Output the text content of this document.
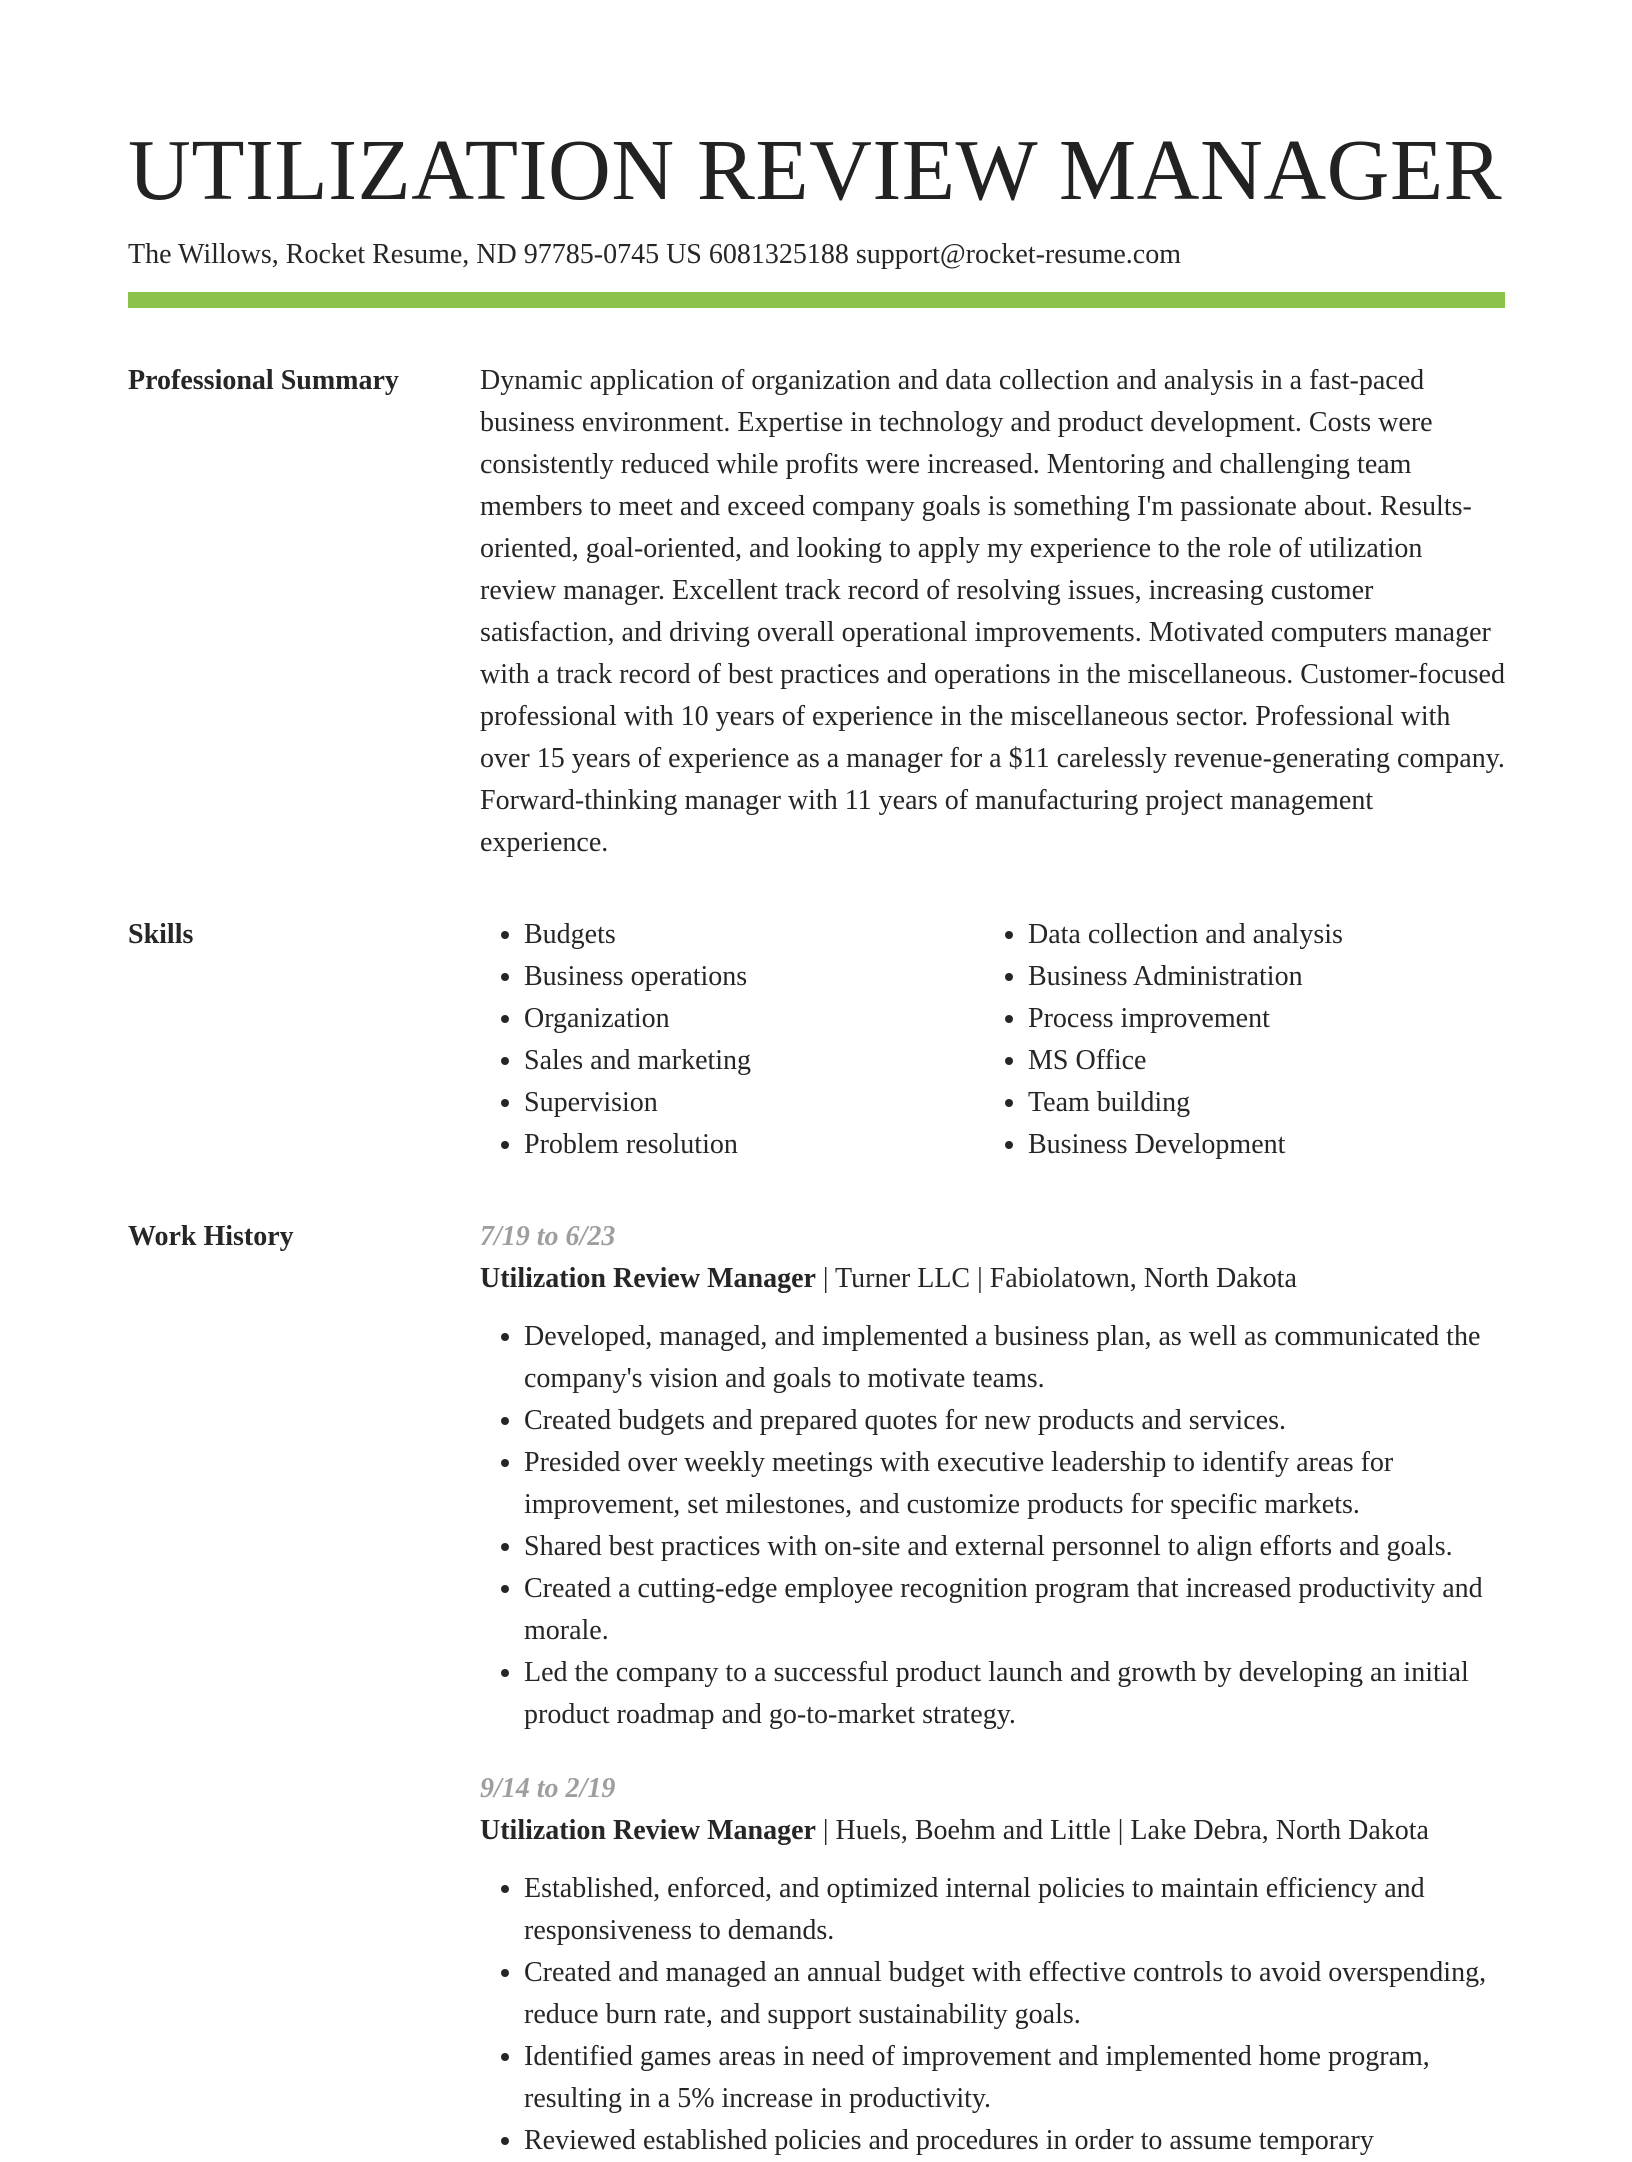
UTILIZATION REVIEW MANAGER
The Willows, Rocket Resume, ND 97785-0745 US 6081325188 support@rocket-resume.com
Professional Summary	Dynamic application of organization and data collection and analysis in a fast-paced business environment. Expertise in technology and product development. Costs were consistently reduced while profits were increased. Mentoring and challenging team members to meet and exceed company goals is something I'm passionate about. Results-oriented, goal-oriented, and looking to apply my experience to the role of utilization review manager. Excellent track record of resolving issues, increasing customer satisfaction, and driving overall operational improvements. Motivated computers manager with a track record of best practices and operations in the miscellaneous. Customer-focused professional with 10 years of experience in the miscellaneous sector. Professional with over 15 years of experience as a manager for a $11 carelessly revenue-generating company. Forward-thinking manager with 11 years of manufacturing project management experience.

Skills
•	Budgets
• Business operations
• Organization
• Sales and marketing
• Supervision
• Problem resolution
• Data collection and analysis
• Business Administration
• Process improvement
• MS Office
• Team building
• Business Development
Work History	7/19 to 6/23
Utilization Review Manager | Turner LLC | Fabiolatown, North Dakota
• Developed, managed, and implemented a business plan, as well as communicated the company's vision and goals to motivate teams.
• Created budgets and prepared quotes for new products and services.
• Presided over weekly meetings with executive leadership to identify areas for improvement, set milestones, and customize products for specific markets.
• Shared best practices with on-site and external personnel to align efforts and goals.
• Created a cutting-edge employee recognition program that increased productivity and morale.
• Led the company to a successful product launch and growth by developing an initial product roadmap and go-to-market strategy.
9/14 to 2/19
Utilization Review Manager | Huels, Boehm and Little | Lake Debra, North Dakota
• Established, enforced, and optimized internal policies to maintain efficiency and responsiveness to demands.
• Created and managed an annual budget with effective controls to avoid overspending, reduce burn rate, and support sustainability goals.
• Identified games areas in need of improvement and implemented home program, resulting in a 5% increase in productivity.
• Reviewed established policies and procedures in order to assume temporary
